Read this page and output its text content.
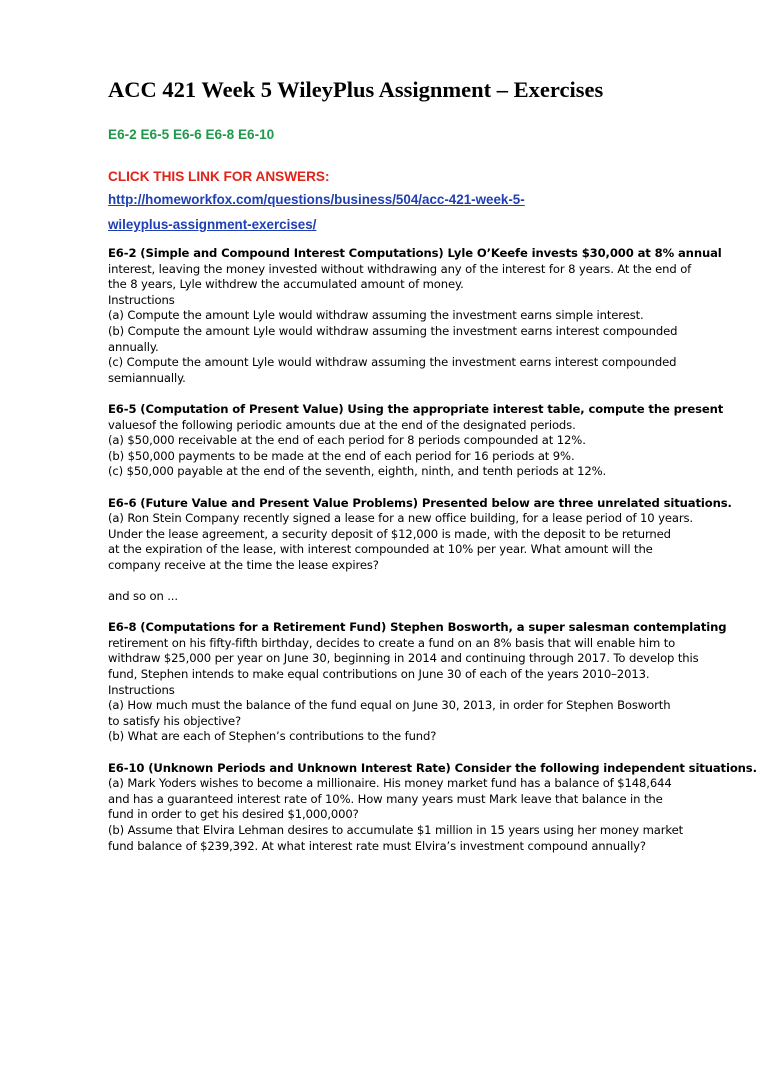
ACC 421 Week 5 WileyPlus Assignment – Exercises
E6-2 E6-5 E6-6 E6-8 E6-10
CLICK THIS LINK FOR ANSWERS:
http://homeworkfox.com/questions/business/504/acc-421-week-5-
wileyplus-assignment-exercises/

E6-2 (Simple and Compound Interest Computations) Lyle O’Keefe invests $30,000 at 8% annual

interest, leaving the money invested without withdrawing any of the interest for 8 years. At the end of

the 8 years, Lyle withdrew the accumulated amount of money.

Instructions

(a) Compute the amount Lyle would withdraw assuming the investment earns simple interest.

(b) Compute the amount Lyle would withdraw assuming the investment earns interest compounded

annually.

(c) Compute the amount Lyle would withdraw assuming the investment earns interest compounded

semiannually.

E6-5 (Computation of Present Value) Using the appropriate interest table, compute the present

valuesof the following periodic amounts due at the end of the designated periods.

(a) $50,000 receivable at the end of each period for 8 periods compounded at 12%.

(b) $50,000 payments to be made at the end of each period for 16 periods at 9%.

(c) $50,000 payable at the end of the seventh, eighth, ninth, and tenth periods at 12%.

E6-6 (Future Value and Present Value Problems) Presented below are three unrelated situations.

(a) Ron Stein Company recently signed a lease for a new office building, for a lease period of 10 years.

Under the lease agreement, a security deposit of $12,000 is made, with the deposit to be returned

at the expiration of the lease, with interest compounded at 10% per year. What amount will the

company receive at the time the lease expires?

and so on ...

E6-8 (Computations for a Retirement Fund) Stephen Bosworth, a super salesman contemplating

retirement on his fifty-fifth birthday, decides to create a fund on an 8% basis that will enable him to

withdraw $25,000 per year on June 30, beginning in 2014 and continuing through 2017. To develop this

fund, Stephen intends to make equal contributions on June 30 of each of the years 2010–2013.

Instructions

(a) How much must the balance of the fund equal on June 30, 2013, in order for Stephen Bosworth

to satisfy his objective?

(b) What are each of Stephen’s contributions to the fund?

E6-10 (Unknown Periods and Unknown Interest Rate) Consider the following independent situations.

(a) Mark Yoders wishes to become a millionaire. His money market fund has a balance of $148,644

and has a guaranteed interest rate of 10%. How many years must Mark leave that balance in the

fund in order to get his desired $1,000,000?

(b) Assume that Elvira Lehman desires to accumulate $1 million in 15 years using her money market

fund balance of $239,392. At what interest rate must Elvira’s investment compound annually?
